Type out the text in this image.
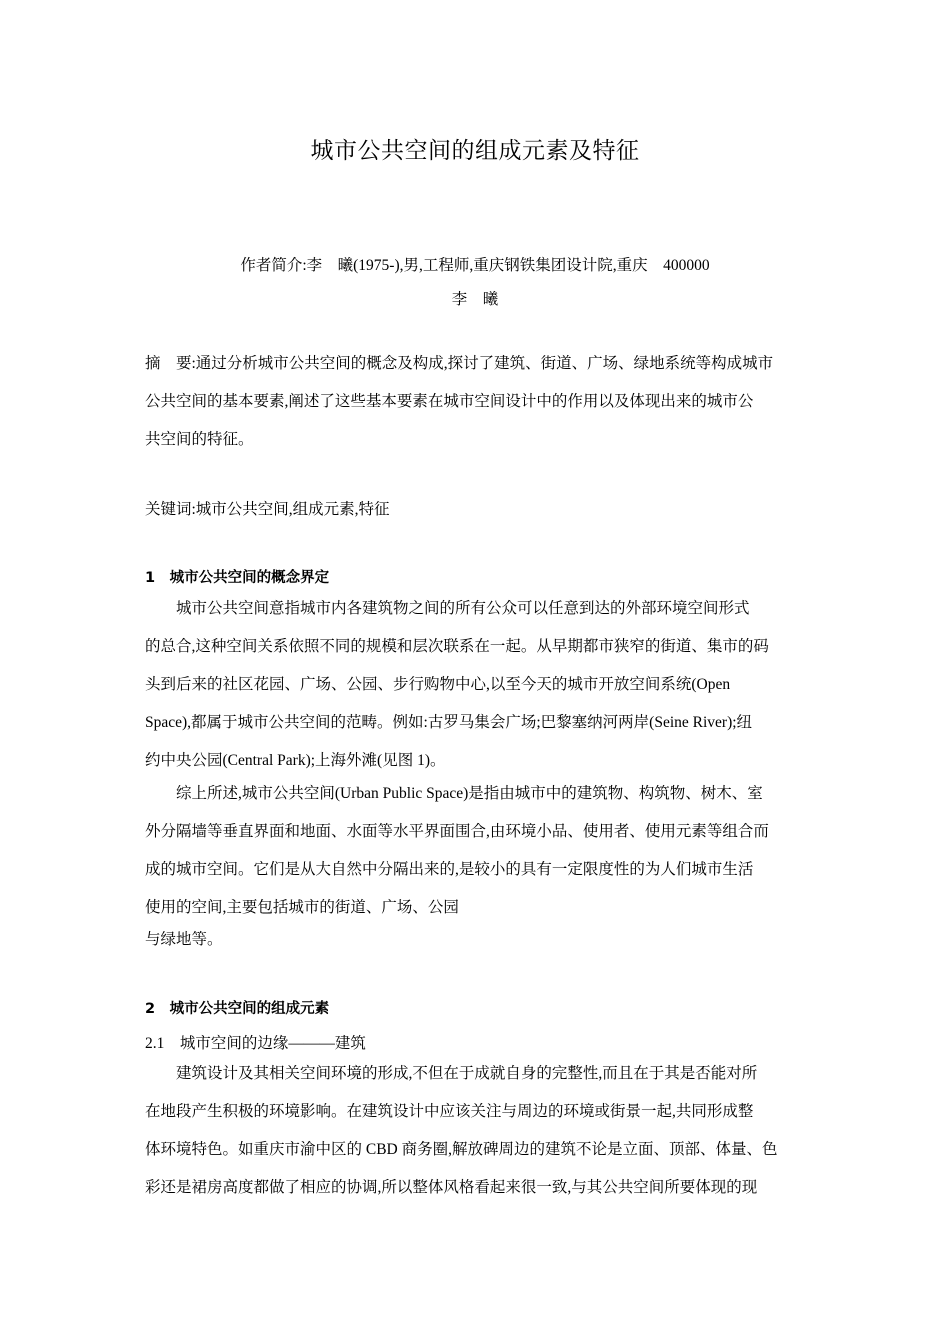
城市公共空间的组成元素及特征
作者简介:李　曦(1975-),男,工程师,重庆钢铁集团设计院,重庆　400000
李　曦
摘　要:通过分析城市公共空间的概念及构成,探讨了建筑、街道、广场、绿地系统等构成城市
公共空间的基本要素,阐述了这些基本要素在城市空间设计中的作用以及体现出来的城市公
共空间的特征。
关键词:城市公共空间,组成元素,特征
1　城市公共空间的概念界定
城市公共空间意指城市内各建筑物之间的所有公众可以任意到达的外部环境空间形式
的总合,这种空间关系依照不同的规模和层次联系在一起。从早期都市狭窄的街道、集市的码
头到后来的社区花园、广场、公园、步行购物中心,以至今天的城市开放空间系统(Open
Space),都属于城市公共空间的范畴。例如:古罗马集会广场;巴黎塞纳河两岸(Seine River);纽
约中央公园(Central Park);上海外滩(见图 1)。
综上所述,城市公共空间(Urban Public Space)是指由城市中的建筑物、构筑物、树木、室
外分隔墙等垂直界面和地面、水面等水平界面围合,由环境小品、使用者、使用元素等组合而
成的城市空间。它们是从大自然中分隔出来的,是较小的具有一定限度性的为人们城市生活
使用的空间,主要包括城市的街道、广场、公园
与绿地等。
2　城市公共空间的组成元素
2.1　城市空间的边缘———建筑
建筑设计及其相关空间环境的形成,不但在于成就自身的完整性,而且在于其是否能对所
在地段产生积极的环境影响。在建筑设计中应该关注与周边的环境或街景一起,共同形成整
体环境特色。如重庆市渝中区的 CBD 商务圈,解放碑周边的建筑不论是立面、顶部、体量、色
彩还是裙房高度都做了相应的协调,所以整体风格看起来很一致,与其公共空间所要体现的现
